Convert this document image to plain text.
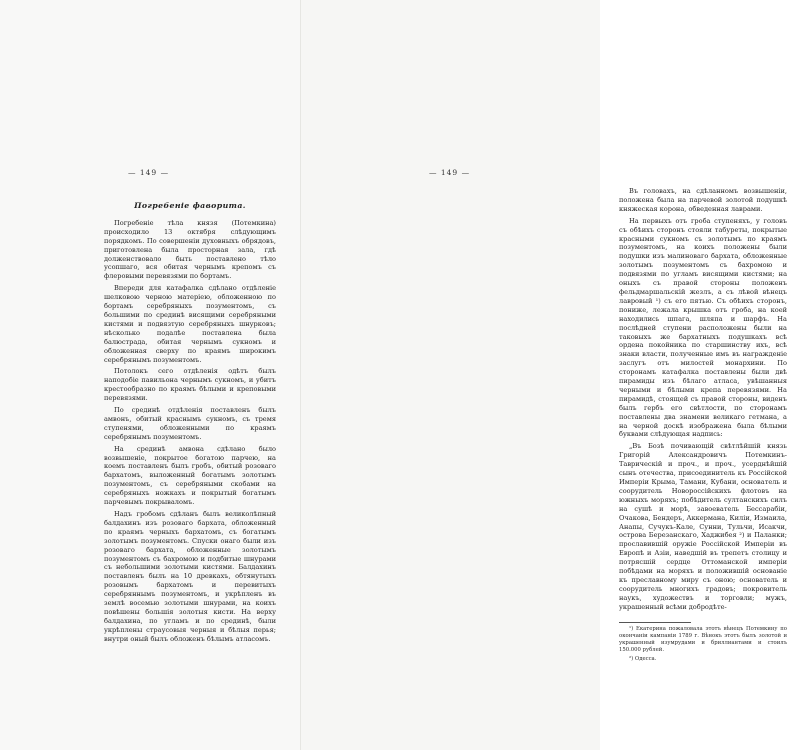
— 149 —

Погребеніе фаворита.

Погребеніе тѣла князя (Потемкина) происходило 13 октября слѣдующимъ порядкомъ. По совершеніи духовныхъ обрядовъ, приготовлена была просторная зала, гдѣ долженствовало быть поставлено тѣло усопшаго, вся обитая чернымъ крепомъ съ флеровыми перевязями по бортамъ.

Впереди для катафалка сдѣлано отдѣленіе шелковою черною матеріею, обложенною по бортамъ серебряныхъ позументомъ, съ большими по срединѣ висящими серебряными кистями и подвязтую серебряныхъ шнурковъ; нѣсколько подалѣе поставлена была балюстрада, обитая чернымъ сукномъ и обложенная сверху по краямъ широкимъ серебрянымъ позументомъ.

Потолокъ сего отдѣленія одѣтъ былъ наподобіе павильона чернымъ сукномъ, и убитъ крестообразно по краямъ бѣлыми и креповыми перевязями.

По срединѣ отдѣленія поставленъ былъ амвонъ, обитый краснымъ сукномъ, съ тремя ступенями, обложенными по краямъ серебрянымъ позументомъ.

На срединѣ амвона сдѣлано было возвышеніе, покрытое богатою парчею, на коемъ поставленъ былъ гробъ, обитый розоваго бархатомъ, выложенный богатымъ золотымъ позументомъ, съ серебряными скобами на серебряныхъ ножкахъ и покрытый богатымъ парчевымъ покрываломъ.

Надъ гробомъ сдѣланъ былъ великолѣпный балдахинъ изъ розоваго бархата, обложенный по краямъ черныхъ бархатомъ, съ богатымъ золотымъ позументомъ. Спуски онаго были изъ розоваго бархата, обложенные золотымъ позументомъ съ бахромою и подбитые шнурами съ небольшими золотыми кистями. Балдахинъ поставленъ былъ на 10 древкахъ, обтянутыхъ розовымъ бархатомъ и перевитыхъ серебряннымъ позументомъ, и укрѣпленъ въ землѣ восемью золотыми шнурами, на коихъ повѣшены большія золотыя кисти. На верху балдахина, по угламъ и по срединѣ, были укрѣплены страусовыя черныя и бѣлыя перья; внутри оный былъ обложенъ бѣлымъ атласомъ.

— 149 —

Въ головахъ, на сдѣланномъ возвышеніи, положена была на парчевой золотой подушкѣ княжеская корона, обведенная лаврами.

На первыхъ отъ гроба ступеняхъ, у головъ съ обѣихъ сторонъ стояли табуреты, покрытые красными сукномъ съ золотымъ по краямъ позументомъ, на коихъ положены были подушки изъ малиноваго бархата, обложенные золотымъ позументомъ съ бахромою и подвязями по угламъ висящими кистями; на оныхъ съ правой стороны положенъ фельдмаршальскій жезлъ, а съ лѣвой вѣнецъ лавровый ¹) съ его пятью. Съ обѣихъ сторонъ, пониже, лежала крышка отъ гроба, на коей находились шпага, шляпа и шарфъ. На послѣдней ступени расположены были на таковыхъ же бархатныхъ подушкахъ всѣ ордена покойника по старшинству ихъ, всѣ знаки власти, полученные имъ въ награжденіе заслугъ отъ милостей монархини. По сторонамъ катафалка поставлены были двѣ пирамиды изъ бѣлаго атласа, увѣшанныя черными и бѣлыми крепа перевязями. На пирамидѣ, стоящей съ правой стороны, виденъ былъ гербъ его свѣтлости, по сторонамъ поставлены два знамени великаго гетмана, а на черной доскѣ изображена была бѣлыми буквами слѣдующая надпись:

„Въ Бозѣ почивающій свѣтлѣйшій князь Григорій Александровичъ Потемкинъ-Таврическій и проч., и проч., усерднѣйшій сынъ отечества, присоединитель къ Россійской Имперіи Крыма, Тамани, Кубани, основатель и соорудитель Новороссійскихъ флотовъ на южныхъ моряхъ; побѣдитель султанскихъ силъ на сушѣ и морѣ, завоеватель Бессарабіи, Очакова, Бендеръ, Аккермана, Киліи, Измаила, Анапы, Сучукъ-Кале, Сунни, Тульчи, Исакчи, острова Березанскаго, Хаджибея ²) и Паланки; прославившій оружіе Россійской Имперіи въ Европѣ и Азіи, наведшій въ трепетъ столицу и потрясшій сердце Оттоманской имперіи побѣдами на моряхъ и положившій основаніе къ преславному миру съ оною; основатель и соорудитель многихъ градовъ; покровитель наукъ, художествъ и торговли; мужъ, украшенный всѣми добродѣте-

¹) Екатерина пожаловала этотъ вѣнецъ Потемкину по окончаніи кампаніи 1789 г. Вѣнокъ этотъ былъ золотой и украшенный изумрудами и бриллиантами и стоилъ 150.000 рублей.

²) Одесса.
